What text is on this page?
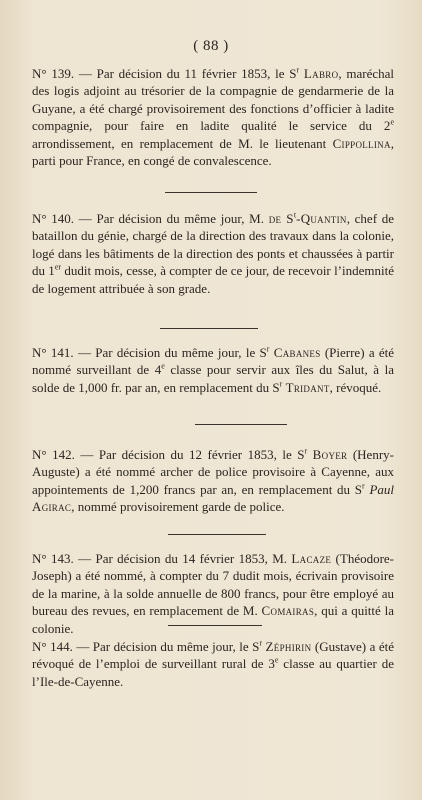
( 88 )

N° 139. — Par décision du 11 février 1853, le $S^r$ Labro, maréchal des logis adjoint au trésorier de la compagnie de gendarmerie de la Guyane, a été chargé provisoirement des fonctions d’officier à ladite compagnie, pour faire en ladite qualité le service du 2e arrondissement, en remplacement de M. le lieutenant Cippollina, parti pour France, en congé de convalescence.

N° 140. — Par décision du même jour, M. de $S^t$-Quantin, chef de bataillon du génie, chargé de la direction des travaux dans la colonie, logé dans les bâtiments de la direction des ponts et chaussées à partir du 1er dudit mois, cesse, à compter de ce jour, de recevoir l’indemnité de logement attribuée à son grade.

N° 141. — Par décision du même jour, le $S^r$ Cabanes (Pierre) a été nommé surveillant de 4e classe pour servir aux îles du Salut, à la solde de 1,000 fr. par an, en remplacement du $S^r$ Tridant, révoqué.

N° 142. — Par décision du 12 février 1853, le $S^r$ Boyer (Henry-Auguste) a été nommé archer de police provisoire à Cayenne, aux appointements de 1,200 francs par an, en remplacement du $S^r$ Paul Agirac, nommé provisoirement garde de police.

N° 143. — Par décision du 14 février 1853, M. Lacaze (Théodore-Joseph) a été nommé, à compter du 7 dudit mois, écrivain provisoire de la marine, à la solde annuelle de 800 francs, pour être employé au bureau des revues, en remplacement de M. Comairas, qui a quitté la colonie.

N° 144. — Par décision du même jour, le $S^r$ Zéphirin (Gustave) a été révoqué de l’emploi de surveillant rural de 3e classe au quartier de l’Ile-de-Cayenne.
